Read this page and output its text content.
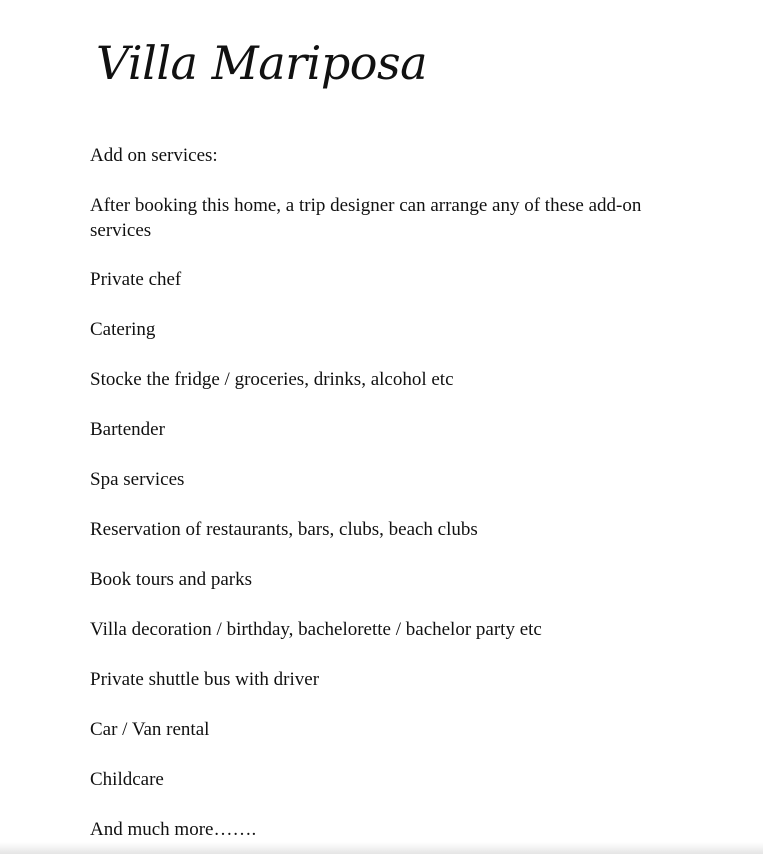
Villa Mariposa

Add on services:

After booking this home, a trip designer can arrange any of these add-on services

Private chef

Catering

Stocke the fridge / groceries, drinks, alcohol etc

Bartender

Spa services

Reservation of restaurants, bars, clubs, beach clubs

Book tours and parks

Villa decoration / birthday, bachelorette / bachelor party etc

Private shuttle bus with driver

Car / Van rental

Childcare

And much more…….
